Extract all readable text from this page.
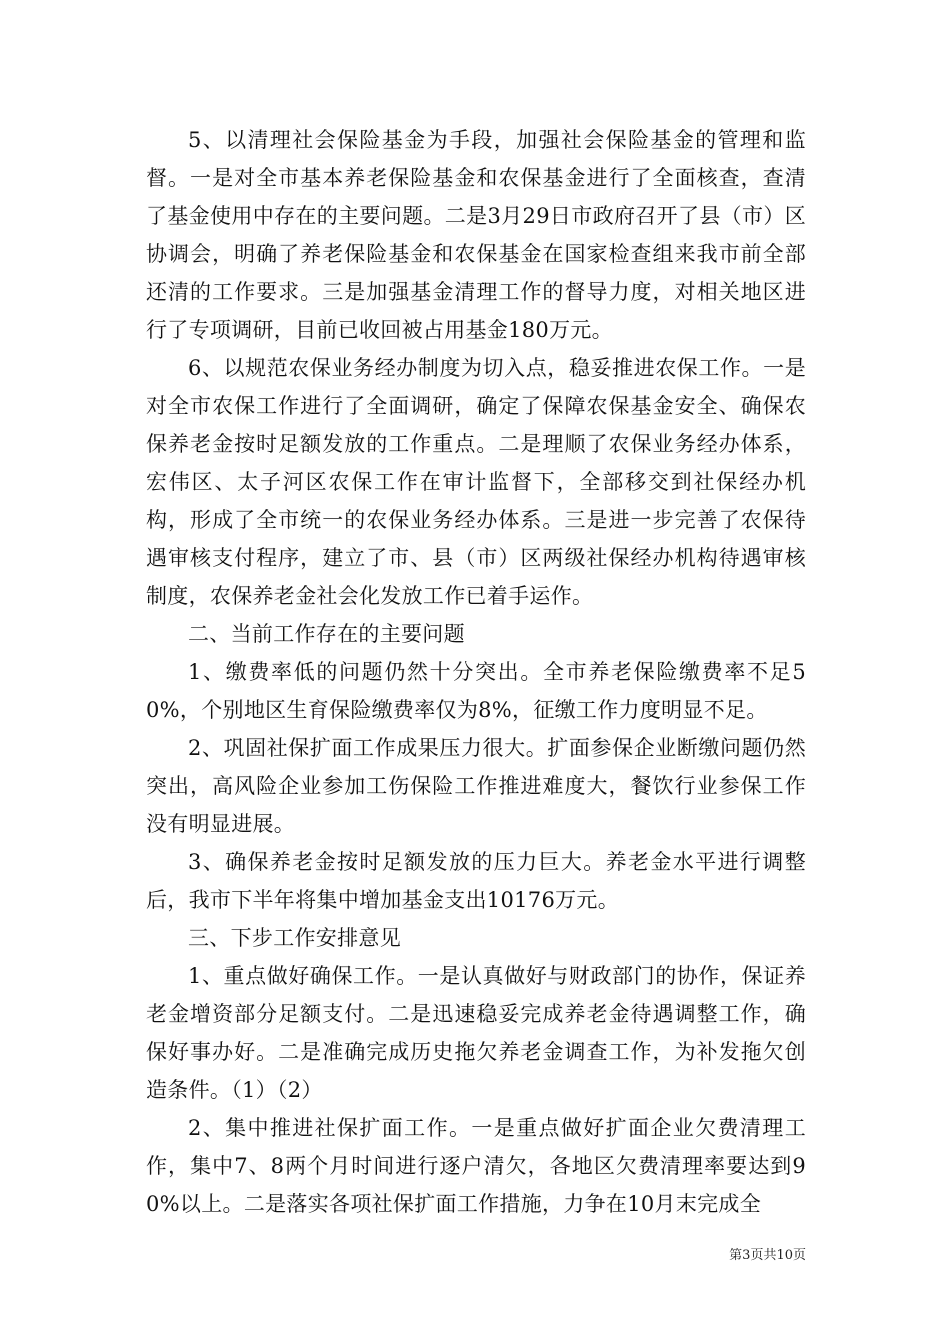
5、以清理社会保险基金为手段，加强社会保险基金的管理和监督。一是对全市基本养老保险基金和农保基金进行了全面核查，查清了基金使用中存在的主要问题。二是3月29日市政府召开了县（市）区协调会，明确了养老保险基金和农保基金在国家检查组来我市前全部还清的工作要求。三是加强基金清理工作的督导力度，对相关地区进行了专项调研，目前已收回被占用基金180万元。

6、以规范农保业务经办制度为切入点，稳妥推进农保工作。一是对全市农保工作进行了全面调研，确定了保障农保基金安全、确保农保养老金按时足额发放的工作重点。二是理顺了农保业务经办体系，宏伟区、太子河区农保工作在审计监督下，全部移交到社保经办机构，形成了全市统一的农保业务经办体系。三是进一步完善了农保待遇审核支付程序，建立了市、县（市）区两级社保经办机构待遇审核制度，农保养老金社会化发放工作已着手运作。

二、当前工作存在的主要问题

1、缴费率低的问题仍然十分突出。全市养老保险缴费率不足50%，个别地区生育保险缴费率仅为8%，征缴工作力度明显不足。

2、巩固社保扩面工作成果压力很大。扩面参保企业断缴问题仍然突出，高风险企业参加工伤保险工作推进难度大，餐饮行业参保工作没有明显进展。

3、确保养老金按时足额发放的压力巨大。养老金水平进行调整后，我市下半年将集中增加基金支出10176万元。

三、下步工作安排意见

1、重点做好确保工作。一是认真做好与财政部门的协作，保证养老金增资部分足额支付。二是迅速稳妥完成养老金待遇调整工作，确保好事办好。二是准确完成历史拖欠养老金调查工作，为补发拖欠创造条件。（1）（2）

2、集中推进社保扩面工作。一是重点做好扩面企业欠费清理工作，集中7、8两个月时间进行逐户清欠，各地区欠费清理率要达到90%以上。二是落实各项社保扩面工作措施，力争在10月末完成全

第3页共10页
